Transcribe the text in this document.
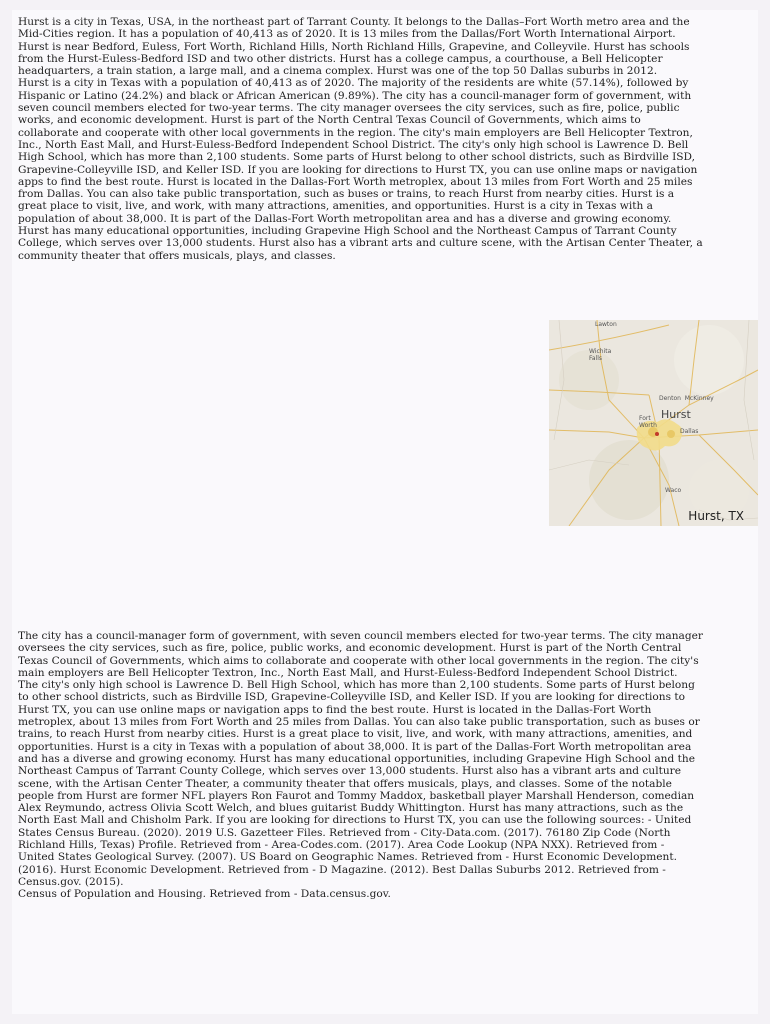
Hurst is a city in Texas, USA, in the northeast part of Tarrant County. It belongs to the Dallas–Fort Worth metro area and the
Mid-Cities region. It has a population of 40,413 as of 2020. It is 13 miles from the Dallas/Fort Worth International Airport.
Hurst is near Bedford, Euless, Fort Worth, Richland Hills, North Richland Hills, Grapevine, and Colleyvile. Hurst has schools
from the Hurst-Euless-Bedford ISD and two other districts. Hurst has a college campus, a courthouse, a Bell Helicopter
headquarters, a train station, a large mall, and a cinema complex. Hurst was one of the top 50 Dallas suburbs in 2012.
Hurst is a city in Texas with a population of 40,413 as of 2020. The majority of the residents are white (57.14%), followed by
Hispanic or Latino (24.2%) and black or African American (9.89%). The city has a council-manager form of government, with
seven council members elected for two-year terms. The city manager oversees the city services, such as fire, police, public
works, and economic development. Hurst is part of the North Central Texas Council of Governments, which aims to
collaborate and cooperate with other local governments in the region. The city's main employers are Bell Helicopter Textron,
Inc., North East Mall, and Hurst-Euless-Bedford Independent School District. The city's only high school is Lawrence D. Bell
High School, which has more than 2,100 students. Some parts of Hurst belong to other school districts, such as Birdville ISD,
Grapevine-Colleyville ISD, and Keller ISD. If you are looking for directions to Hurst TX, you can use online maps or navigation
apps to find the best route. Hurst is located in the Dallas-Fort Worth metroplex, about 13 miles from Fort Worth and 25 miles
from Dallas. You can also take public transportation, such as buses or trains, to reach Hurst from nearby cities. Hurst is a
great place to visit, live, and work, with many attractions, amenities, and opportunities. Hurst is a city in Texas with a
population of about 38,000. It is part of the Dallas-Fort Worth metropolitan area and has a diverse and growing economy.
Hurst has many educational opportunities, including Grapevine High School and the Northeast Campus of Tarrant County
College, which serves over 13,000 students. Hurst also has a vibrant arts and culture scene, with the Artisan Center Theater, a
community theater that offers musicals, plays, and classes.

Lawton
Wichita
Falls
Denton  McKinney
Fort
Worth
Dallas
Waco
Hurst
Hurst, TX

The city has a council-manager form of government, with seven council members elected for two-year terms. The city manager
oversees the city services, such as fire, police, public works, and economic development. Hurst is part of the North Central
Texas Council of Governments, which aims to collaborate and cooperate with other local governments in the region. The city's
main employers are Bell Helicopter Textron, Inc., North East Mall, and Hurst-Euless-Bedford Independent School District.
The city's only high school is Lawrence D. Bell High School, which has more than 2,100 students. Some parts of Hurst belong
to other school districts, such as Birdville ISD, Grapevine-Colleyville ISD, and Keller ISD. If you are looking for directions to
Hurst TX, you can use online maps or navigation apps to find the best route. Hurst is located in the Dallas-Fort Worth
metroplex, about 13 miles from Fort Worth and 25 miles from Dallas. You can also take public transportation, such as buses or
trains, to reach Hurst from nearby cities. Hurst is a great place to visit, live, and work, with many attractions, amenities, and
opportunities. Hurst is a city in Texas with a population of about 38,000. It is part of the Dallas-Fort Worth metropolitan area
and has a diverse and growing economy. Hurst has many educational opportunities, including Grapevine High School and the
Northeast Campus of Tarrant County College, which serves over 13,000 students. Hurst also has a vibrant arts and culture
scene, with the Artisan Center Theater, a community theater that offers musicals, plays, and classes. Some of the notable
people from Hurst are former NFL players Ron Faurot and Tommy Maddox, basketball player Marshall Henderson, comedian
Alex Reymundo, actress Olivia Scott Welch, and blues guitarist Buddy Whittington. Hurst has many attractions, such as the
North East Mall and Chisholm Park. If you are looking for directions to Hurst TX, you can use the following sources: - United
States Census Bureau. (2020). 2019 U.S. Gazetteer Files. Retrieved from - City-Data.com. (2017). 76180 Zip Code (North
Richland Hills, Texas) Profile. Retrieved from - Area-Codes.com. (2017). Area Code Lookup (NPA NXX). Retrieved from -
United States Geological Survey. (2007). US Board on Geographic Names. Retrieved from - Hurst Economic Development.
(2016). Hurst Economic Development. Retrieved from - D Magazine. (2012). Best Dallas Suburbs 2012. Retrieved from -
Census.gov. (2015).
Census of Population and Housing. Retrieved from - Data.census.gov.
